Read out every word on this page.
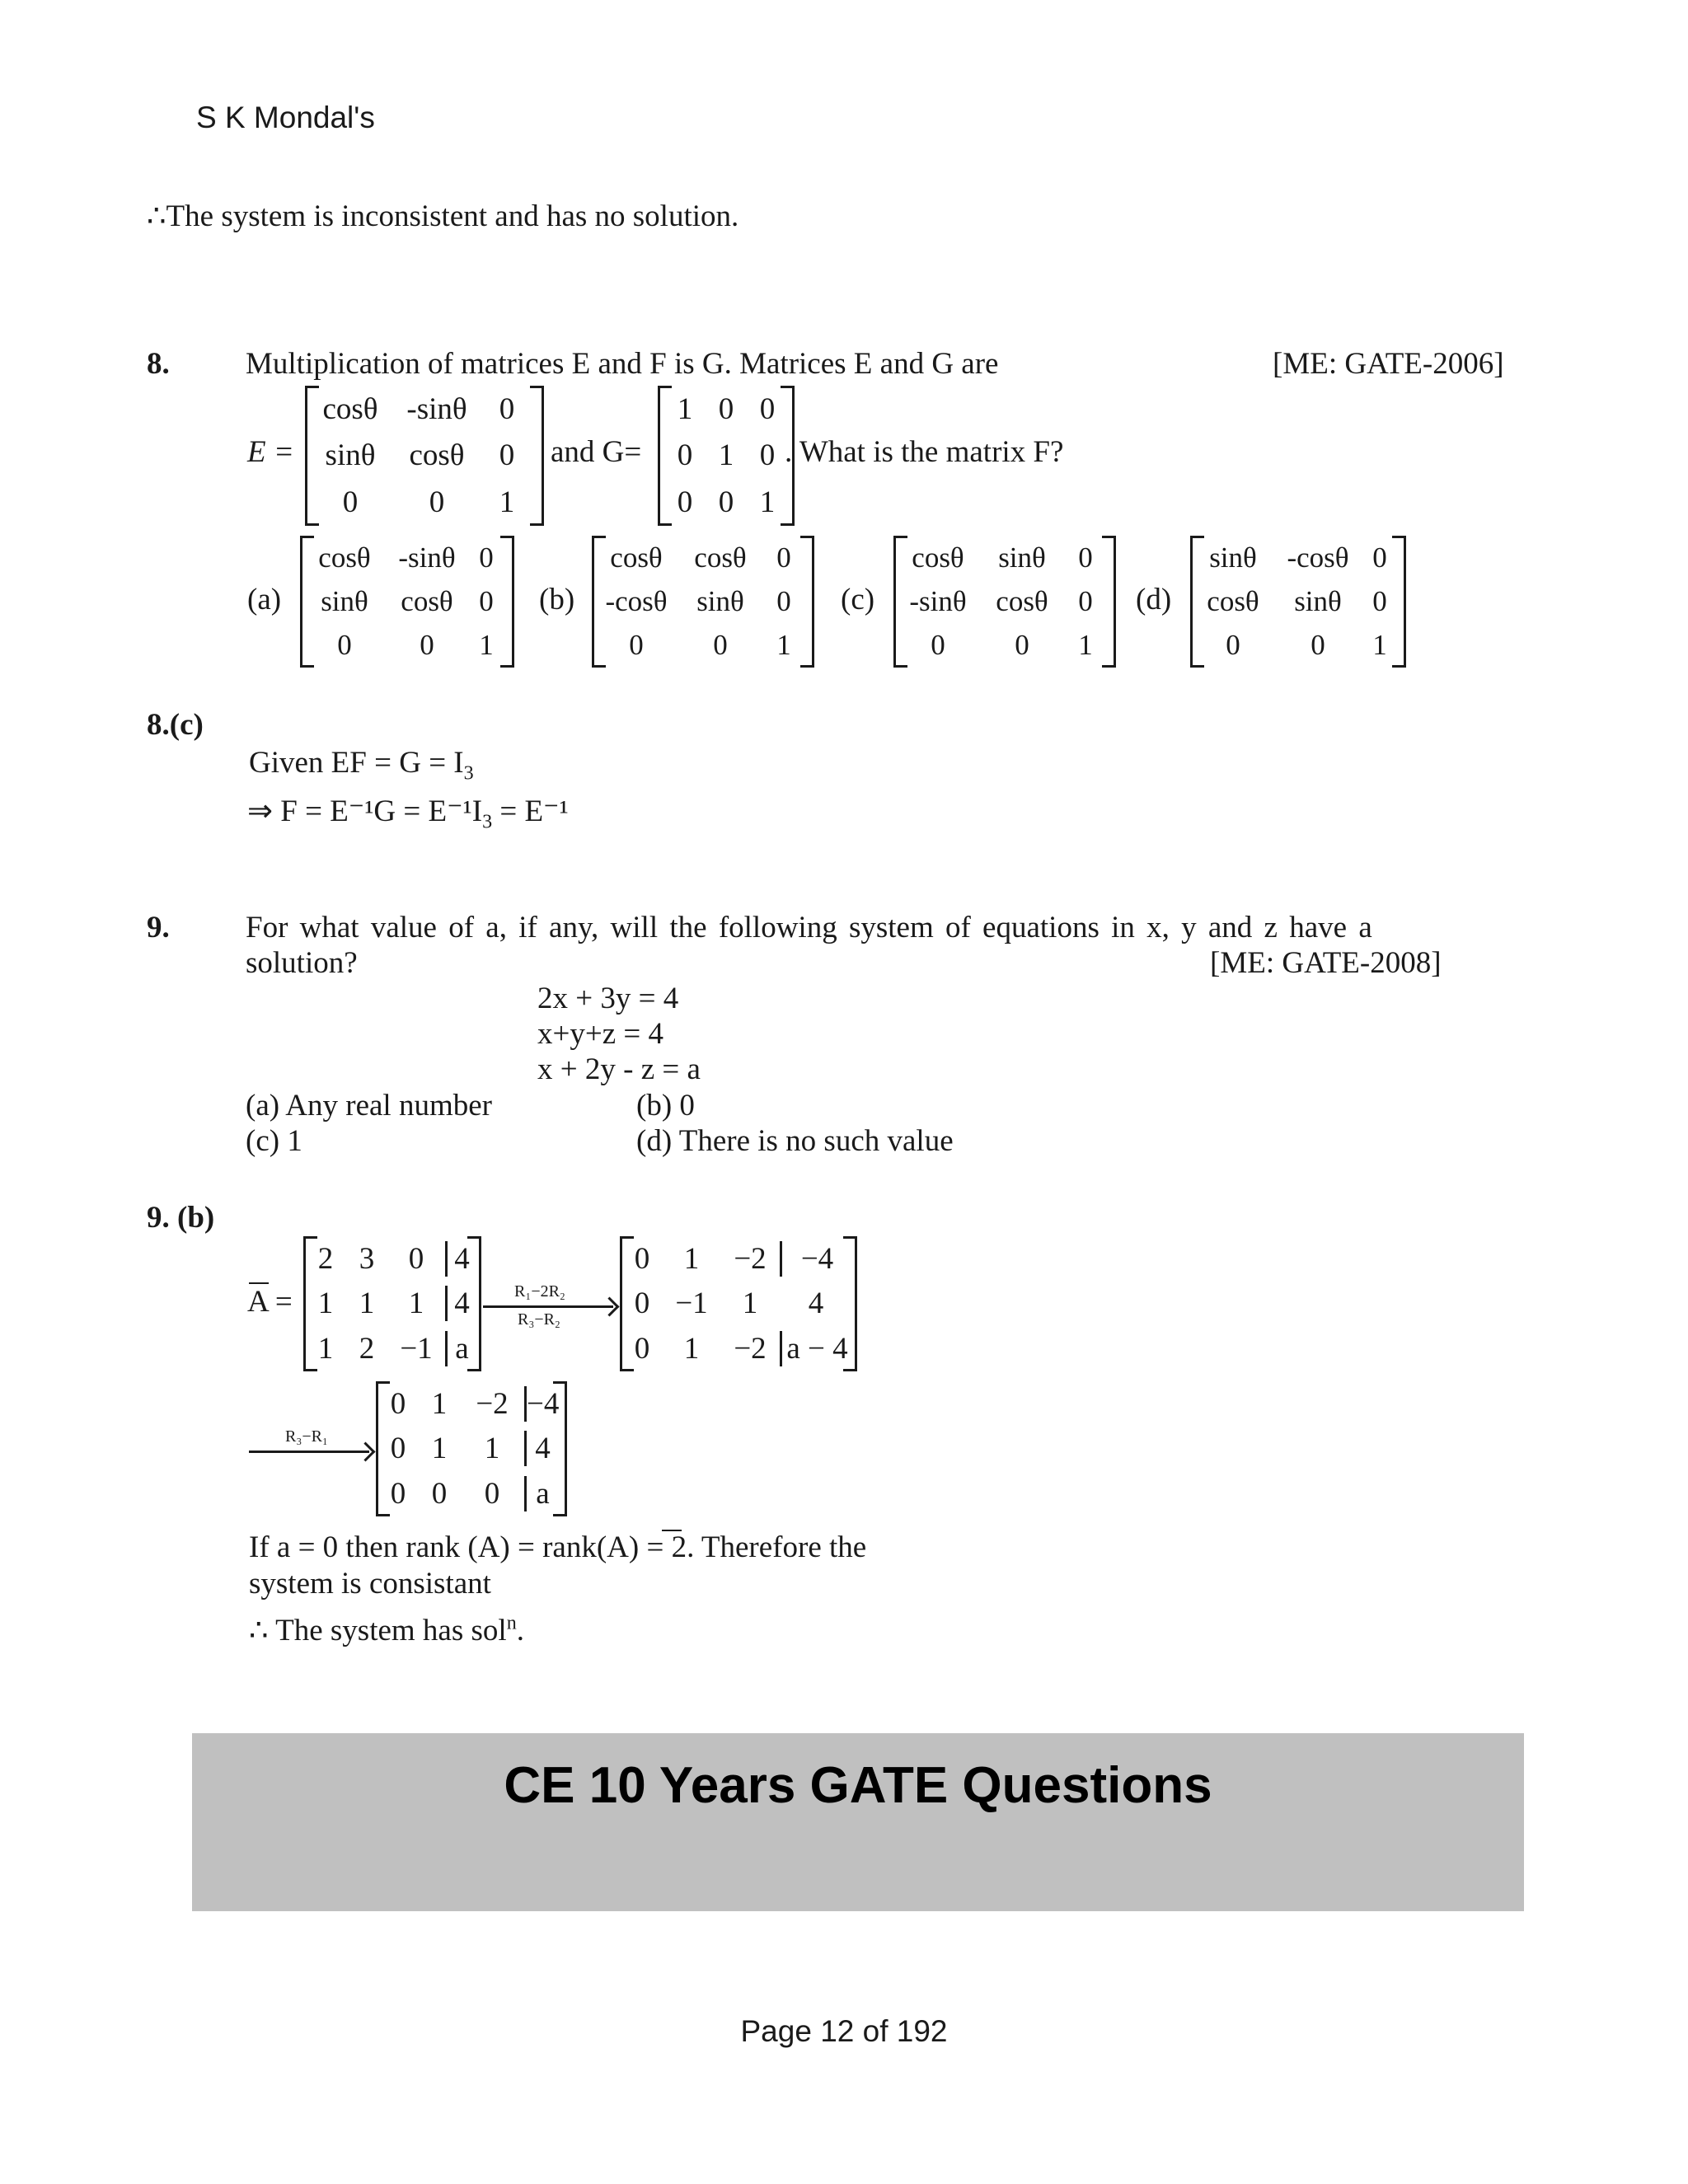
S K Mondal's
∴The system is inconsistent and has no solution.
8. Multiplication of matrices E and F is G. Matrices E and G are	[ME: GATE-2006]
E =
cosθ -sinθ	0
sinθ	cosθ	0
0	0	1
and G=
1 0 0
0 1 0
0 0 1
. What is the matrix F?
(a)
cosθ -sinθ 0
sinθ	cosθ 0
0	0	1
(b)
cosθ	cosθ	0
-cosθ	sinθ	0
0	0	1
(c)
cosθ	sinθ	0
-sinθ	cosθ	0
0	0	1
(d)
sinθ	-cosθ 0
cosθ	sinθ	0
0	0	1
8.(c)
Given EF = $G = I_3$
⇒ $F = E^{-1}G = E^{-1}I_3 = E^{-1}$
9. For what value of a, if any, will the following system of equations in x, y and z have a
solution?	[ME: GATE-2008]
2x + 3y = 4
x+y+z = 4
x + 2y - z = a
(a) Any real number	(b) 0
(c) 1	(d) There is no such value
9. (b)
A =
2 3	0	4
1 1	1	4
1 2 −1 a
R₁−2R₂
R₃−R₂
0	1	−2	−4
0 −1	1	4
0	1	−2 a − 4
R₃−R₁
0 1 −2 −4
0 1	1	4
0 0	0	a
If a = 0 then rank (A) = rank(A) = 2. Therefore the
system is consistant
∴ The system has sol$^n$.
CE 10 Years GATE Questions
Page 12 of 192
